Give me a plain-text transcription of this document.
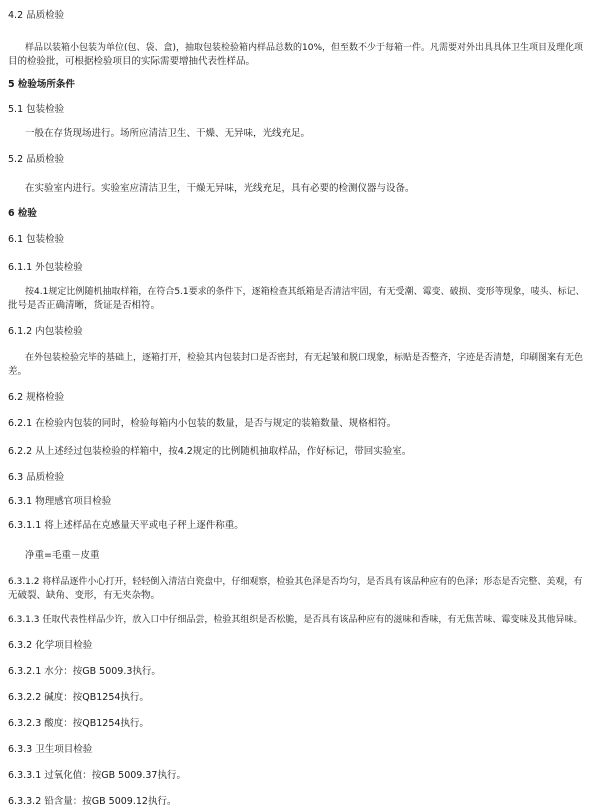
4.2 品质检验
样品以装箱小包装为单位(包、袋、盒)，抽取包装检验箱内样品总数的10%，但至数不少于每箱一件。凡需要对外出具具体卫生项目及理化项
目的检验批，可根据检验项目的实际需要增抽代表性样品。
5 检验场所条件
5.1 包装检验
一般在存货现场进行。场所应清洁卫生、干燥、无异味，光线充足。
5.2 品质检验
在实验室内进行。实验室应清洁卫生，干燥无异味，光线充足，具有必要的检测仪器与设备。
6 检验
6.1 包装检验
6.1.1 外包装检验
按4.1规定比例随机抽取样箱，在符合5.1要求的条件下，逐箱检查其纸箱是否清洁牢固，有无受潮、霉变、破损、变形等现象，唛头、标记、
批号是否正确清晰，货证是否相符。
6.1.2 内包装检验
在外包装检验完毕的基础上，逐箱打开，检验其内包装封口是否密封，有无起皱和脱口现象，标贴是否整齐，字迹是否清楚，印刷图案有无色
差。
6.2 规格检验
6.2.1 在检验内包装的同时，检验每箱内小包装的数量，是否与规定的装箱数量、规格相符。
6.2.2 从上述经过包装检验的样箱中，按4.2规定的比例随机抽取样品，作好标记，带回实验室。
6.3 品质检验
6.3.1 物理感官项目检验
6.3.1.1 将上述样品在克感量天平或电子秤上逐件称重。
净重=毛重－皮重
6.3.1.2 将样品逐件小心打开，轻轻倒入清洁白瓷盘中，仔细观察，检验其色泽是否均匀，是否具有该品种应有的色泽；形态是否完整、美观，有
无破裂、缺角、变形，有无夹杂物。
6.3.1.3 任取代表性样品少许，放入口中仔细品尝，检验其组织是否松脆，是否具有该品种应有的滋味和香味，有无焦苦味、霉变味及其他异味。
6.3.2 化学项目检验
6.3.2.1 水分：按GB 5009.3执行。
6.3.2.2 碱度：按QB1254执行。
6.3.2.3 酸度：按QB1254执行。
6.3.3 卫生项目检验
6.3.3.1 过氧化值：按GB 5009.37执行。
6.3.3.2 铅含量：按GB 5009.12执行。
